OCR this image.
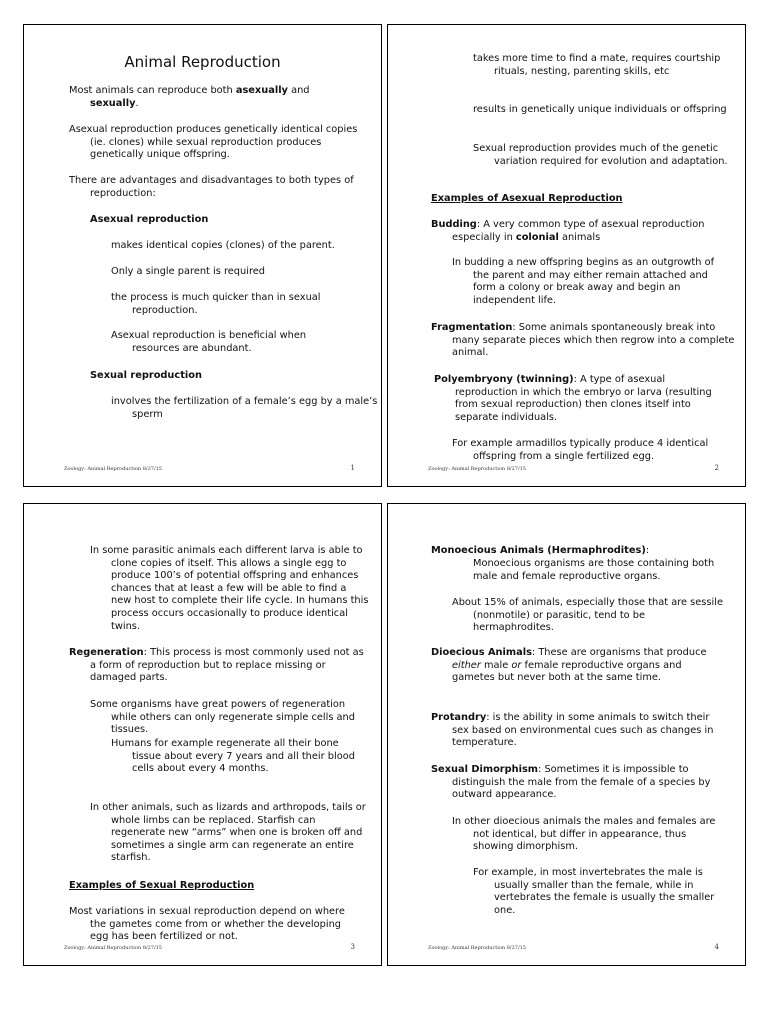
Animal Reproduction

Most animals can reproduce both asexually and sexually.

Asexual reproduction produces genetically identical copies (ie. clones) while sexual reproduction produces genetically unique offspring.

There are advantages and disadvantages to both types of reproduction:

Asexual reproduction

makes identical copies (clones) of the parent.

Only a single parent is required

the process is much quicker than in sexual reproduction.

Asexual reproduction is beneficial when resources are abundant.

Sexual reproduction

involves the fertilization of a female’s egg by a male’s sperm

Zoology: Animal Reproduction 8/27/15	1

takes more time to find a mate, requires courtship rituals, nesting, parenting skills, etc

results in genetically unique individuals or offspring

Sexual reproduction provides much of the genetic variation required for evolution and adaptation.

Examples of Asexual Reproduction

Budding: A very common type of asexual reproduction especially in colonial animals

In budding a new offspring begins as an outgrowth of the parent and may either remain attached and form a colony or break away and begin an independent life.

Fragmentation: Some animals spontaneously break into many separate pieces which then regrow into a complete animal.

Polyembryony (twinning): A type of asexual reproduction in which the embryo or larva (resulting from sexual reproduction) then clones itself into separate individuals.

For example armadillos typically produce 4 identical offspring from a single fertilized egg.

Zoology: Animal Reproduction 8/27/15	2

In some parasitic animals each different larva is able to clone copies of itself. This allows a single egg to produce 100’s of potential offspring and enhances chances that at least a few will be able to find a new host to complete their life cycle. In humans this process occurs occasionally to produce identical twins.

Regeneration: This process is most commonly used not as a form of reproduction but to replace missing or damaged parts.

Some organisms have great powers of regeneration while others can only regenerate simple cells and tissues.

Humans for example regenerate all their bone tissue about every 7 years and all their blood cells about every 4 months.

In other animals, such as lizards and arthropods, tails or whole limbs can be replaced. Starfish can regenerate new “arms” when one is broken off and sometimes a single arm can regenerate an entire starfish.

Examples of Sexual Reproduction

Most variations in sexual reproduction depend on where the gametes come from or whether the developing egg has been fertilized or not.

Zoology: Animal Reproduction 8/27/15	3

Monoecious Animals (Hermaphrodites):

Monoecious organisms are those containing both male and female reproductive organs.

About 15% of animals, especially those that are sessile (nonmotile) or parasitic, tend to be hermaphrodites.

Dioecious Animals: These are organisms that produce either male or female reproductive organs and gametes but never both at the same time.

Protandry: is the ability in some animals to switch their sex based on environmental cues such as changes in temperature.

Sexual Dimorphism: Sometimes it is impossible to distinguish the male from the female of a species by outward appearance.

In other dioecious animals the males and females are not identical, but differ in appearance, thus showing dimorphism.

For example, in most invertebrates the male is usually smaller than the female, while in vertebrates the female is usually the smaller one.

Zoology: Animal Reproduction 8/27/15	4
